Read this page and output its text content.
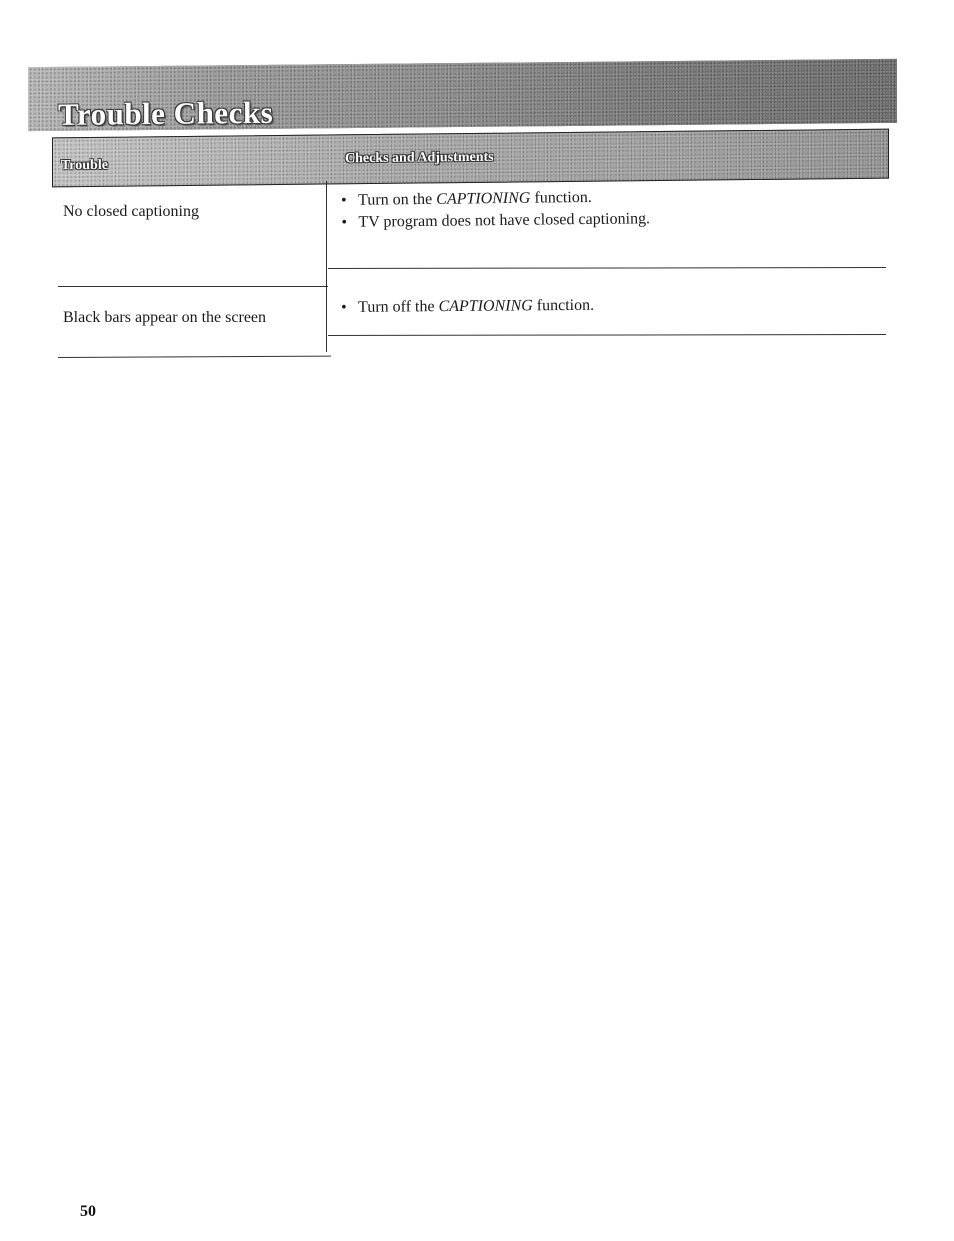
Trouble Checks
Trouble	Checks and Adjustments
No closed captioning
• Turn on the CAPTIONING function.
• TV program does not have closed captioning.
Black bars appear on the screen
• Turn off the CAPTIONING function.
50
